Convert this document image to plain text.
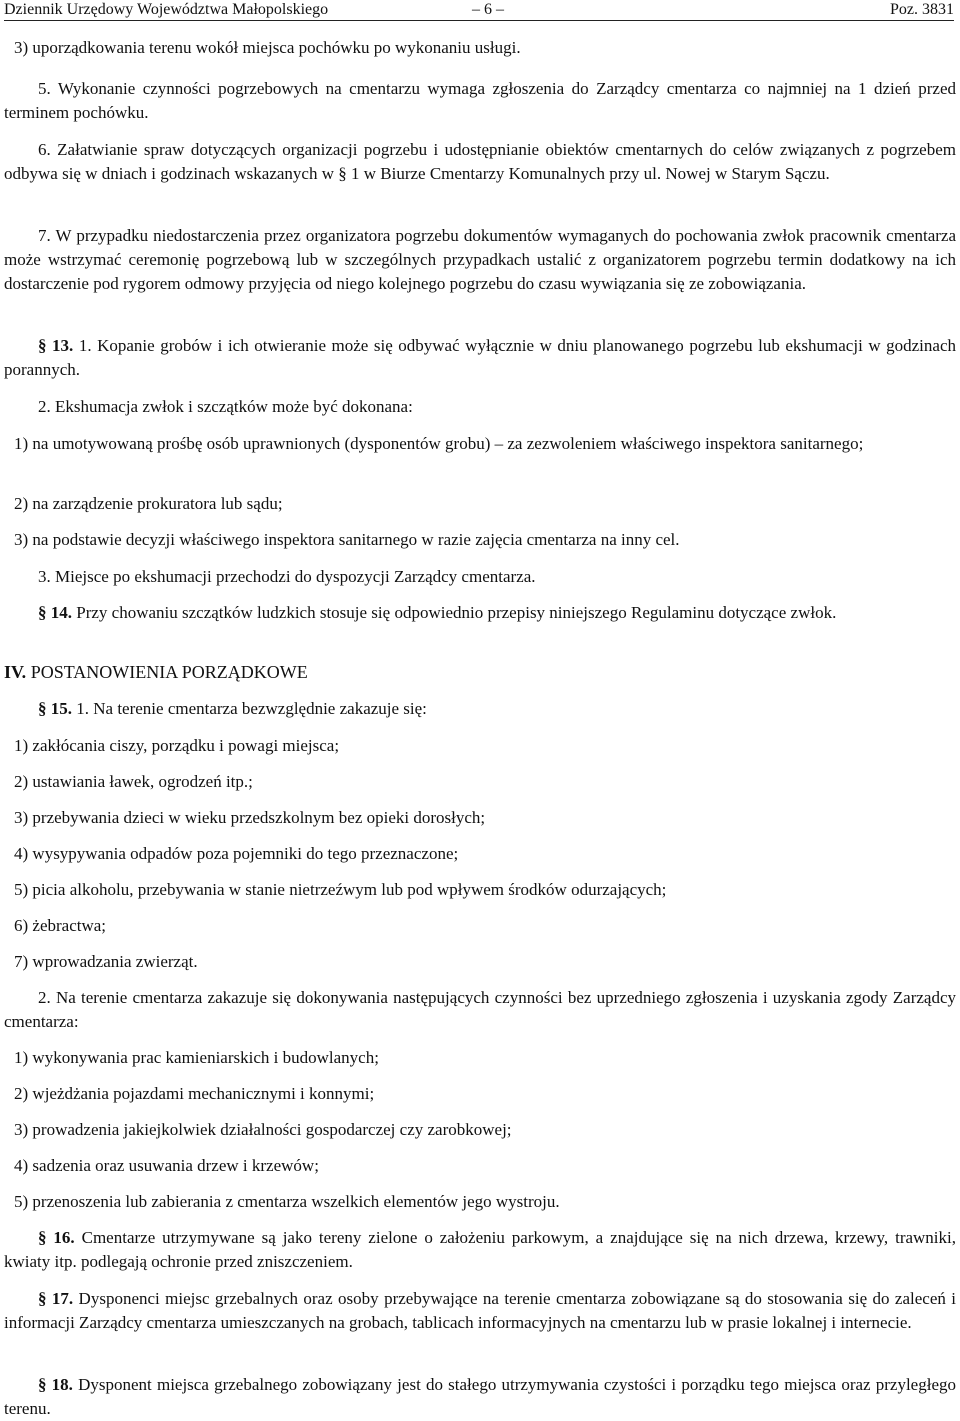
Dziennik Urzędowy Województwa Małopolskiego	– 6 –	Poz. 3831

3) uporządkowania terenu wokół miejsca pochówku po wykonaniu usługi.

5. Wykonanie czynności pogrzebowych na cmentarzu wymaga zgłoszenia do Zarządcy cmentarza co najmniej na 1 dzień przed terminem pochówku.

6. Załatwianie spraw dotyczących organizacji pogrzebu i udostępnianie obiektów cmentarnych do celów związanych z pogrzebem odbywa się w dniach i godzinach wskazanych w § 1 w Biurze Cmentarzy Komunalnych przy ul. Nowej w Starym Sączu.

7. W przypadku niedostarczenia przez organizatora pogrzebu dokumentów wymaganych do pochowania zwłok pracownik cmentarza może wstrzymać ceremonię pogrzebową lub w szczególnych przypadkach ustalić z organizatorem pogrzebu termin dodatkowy na ich dostarczenie pod rygorem odmowy przyjęcia od niego kolejnego pogrzebu do czasu wywiązania się ze zobowiązania.

§ 13. 1. Kopanie grobów i ich otwieranie może się odbywać wyłącznie w dniu planowanego pogrzebu lub ekshumacji w godzinach porannych.

2. Ekshumacja zwłok i szczątków może być dokonana:

1) na umotywowaną prośbę osób uprawnionych (dysponentów grobu) – za zezwoleniem właściwego inspektora sanitarnego;

2) na zarządzenie prokuratora lub sądu;

3) na podstawie decyzji właściwego inspektora sanitarnego w razie zajęcia cmentarza na inny cel.

3. Miejsce po ekshumacji przechodzi do dyspozycji Zarządcy cmentarza.

§ 14. Przy chowaniu szczątków ludzkich stosuje się odpowiednio przepisy niniejszego Regulaminu dotyczące zwłok.

IV. POSTANOWIENIA PORZĄDKOWE

§ 15. 1. Na terenie cmentarza bezwzględnie zakazuje się:

1) zakłócania ciszy, porządku i powagi miejsca;

2) ustawiania ławek, ogrodzeń itp.;

3) przebywania dzieci w wieku przedszkolnym bez opieki dorosłych;

4) wysypywania odpadów poza pojemniki do tego przeznaczone;

5) picia alkoholu, przebywania w stanie nietrzeźwym lub pod wpływem środków odurzających;

6) żebractwa;

7) wprowadzania zwierząt.

2. Na terenie cmentarza zakazuje się dokonywania następujących czynności bez uprzedniego zgłoszenia i uzyskania zgody Zarządcy cmentarza:

1) wykonywania prac kamieniarskich i budowlanych;

2) wjeżdżania pojazdami mechanicznymi i konnymi;

3) prowadzenia jakiejkolwiek działalności gospodarczej czy zarobkowej;

4) sadzenia oraz usuwania drzew i krzewów;

5) przenoszenia lub zabierania z cmentarza wszelkich elementów jego wystroju.

§ 16. Cmentarze utrzymywane są jako tereny zielone o założeniu parkowym, a znajdujące się na nich drzewa, krzewy, trawniki, kwiaty itp. podlegają ochronie przed zniszczeniem.

§ 17. Dysponenci miejsc grzebalnych oraz osoby przebywające na terenie cmentarza zobowiązane są do stosowania się do zaleceń i informacji Zarządcy cmentarza umieszczanych na grobach, tablicach informacyjnych na cmentarzu lub w prasie lokalnej i internecie.

§ 18. Dysponent miejsca grzebalnego zobowiązany jest do stałego utrzymywania czystości i porządku tego miejsca oraz przyległego terenu.
